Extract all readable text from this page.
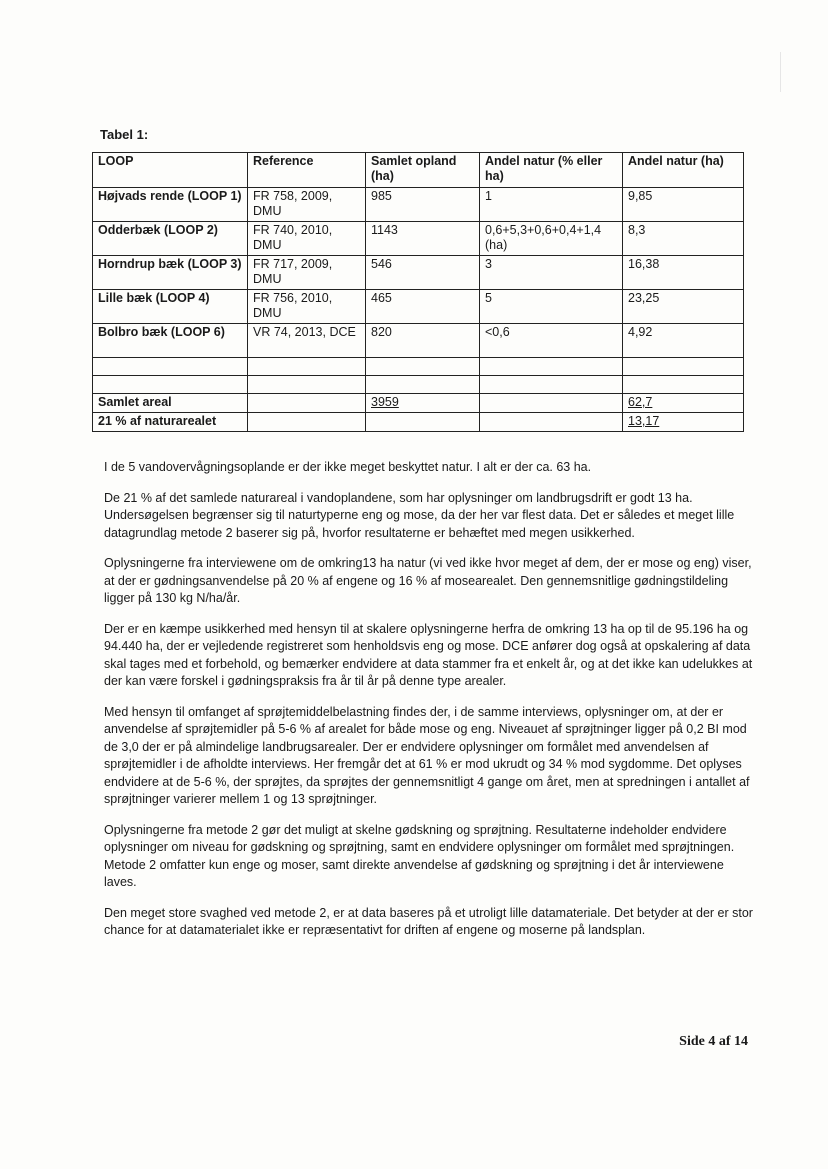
Tabel 1:
LOOP	Reference	Samlet opland (ha)	Andel natur (% eller ha)	Andel natur (ha)
Højvads rende (LOOP 1)	FR 758, 2009, DMU	985	1	9,85
Odderbæk (LOOP 2)	FR 740, 2010, DMU	1143	0,6+5,3+0,6+0,4+1,4 (ha)	8,3
Horndrup bæk (LOOP 3)	FR 717, 2009, DMU	546	3	16,38
Lille bæk (LOOP 4)	FR 756, 2010, DMU	465	5	23,25
Bolbro bæk (LOOP 6)	VR 74, 2013, DCE	820	<0,6	4,92

Samlet areal		3959		62,7
21 % af naturarealet				13,17

I de 5 vandovervågningsoplande er der ikke meget beskyttet natur. I alt er der ca. 63 ha.

De 21 % af det samlede naturareal i vandoplandene, som har oplysninger om landbrugsdrift er godt 13 ha. Undersøgelsen begrænser sig til naturtyperne eng og mose, da der her var flest data. Det er således et meget lille datagrundlag metode 2 baserer sig på, hvorfor resultaterne er behæftet med megen usikkerhed.

Oplysningerne fra interviewene om de omkring13 ha natur (vi ved ikke hvor meget af dem, der er mose og eng) viser, at der er gødningsanvendelse på 20 % af engene og 16 % af mosearealet. Den gennemsnitlige gødningstildeling ligger på 130 kg N/ha/år.

Der er en kæmpe usikkerhed med hensyn til at skalere oplysningerne herfra de omkring 13 ha op til de 95.196 ha og 94.440 ha, der er vejledende registreret som henholdsvis eng og mose. DCE anfører dog også at opskalering af data skal tages med et forbehold, og bemærker endvidere at data stammer fra et enkelt år, og at det ikke kan udelukkes at der kan være forskel i gødningspraksis fra år til år på denne type arealer.

Med hensyn til omfanget af sprøjtemiddelbelastning findes der, i de samme interviews, oplysninger om, at der er anvendelse af sprøjtemidler på 5-6 % af arealet for både mose og eng. Niveauet af sprøjtninger ligger på 0,2 BI mod de 3,0 der er på almindelige landbrugsarealer. Der er endvidere oplysninger om formålet med anvendelsen af sprøjtemidler i de afholdte interviews. Her fremgår det at 61 % er mod ukrudt og 34 % mod sygdomme. Det oplyses endvidere at de 5-6 %, der sprøjtes, da sprøjtes der gennemsnitligt 4 gange om året, men at spredningen i antallet af sprøjtninger varierer mellem 1 og 13 sprøjtninger.

Oplysningerne fra metode 2 gør det muligt at skelne gødskning og sprøjtning. Resultaterne indeholder endvidere oplysninger om niveau for gødskning og sprøjtning, samt en endvidere oplysninger om formålet med sprøjtningen. Metode 2 omfatter kun enge og moser, samt direkte anvendelse af gødskning og sprøjtning i det år interviewene laves.

Den meget store svaghed ved metode 2, er at data baseres på et utroligt lille datamateriale. Det betyder at der er stor chance for at datamaterialet ikke er repræsentativt for driften af engene og moserne på landsplan.

Side 4 af 14
